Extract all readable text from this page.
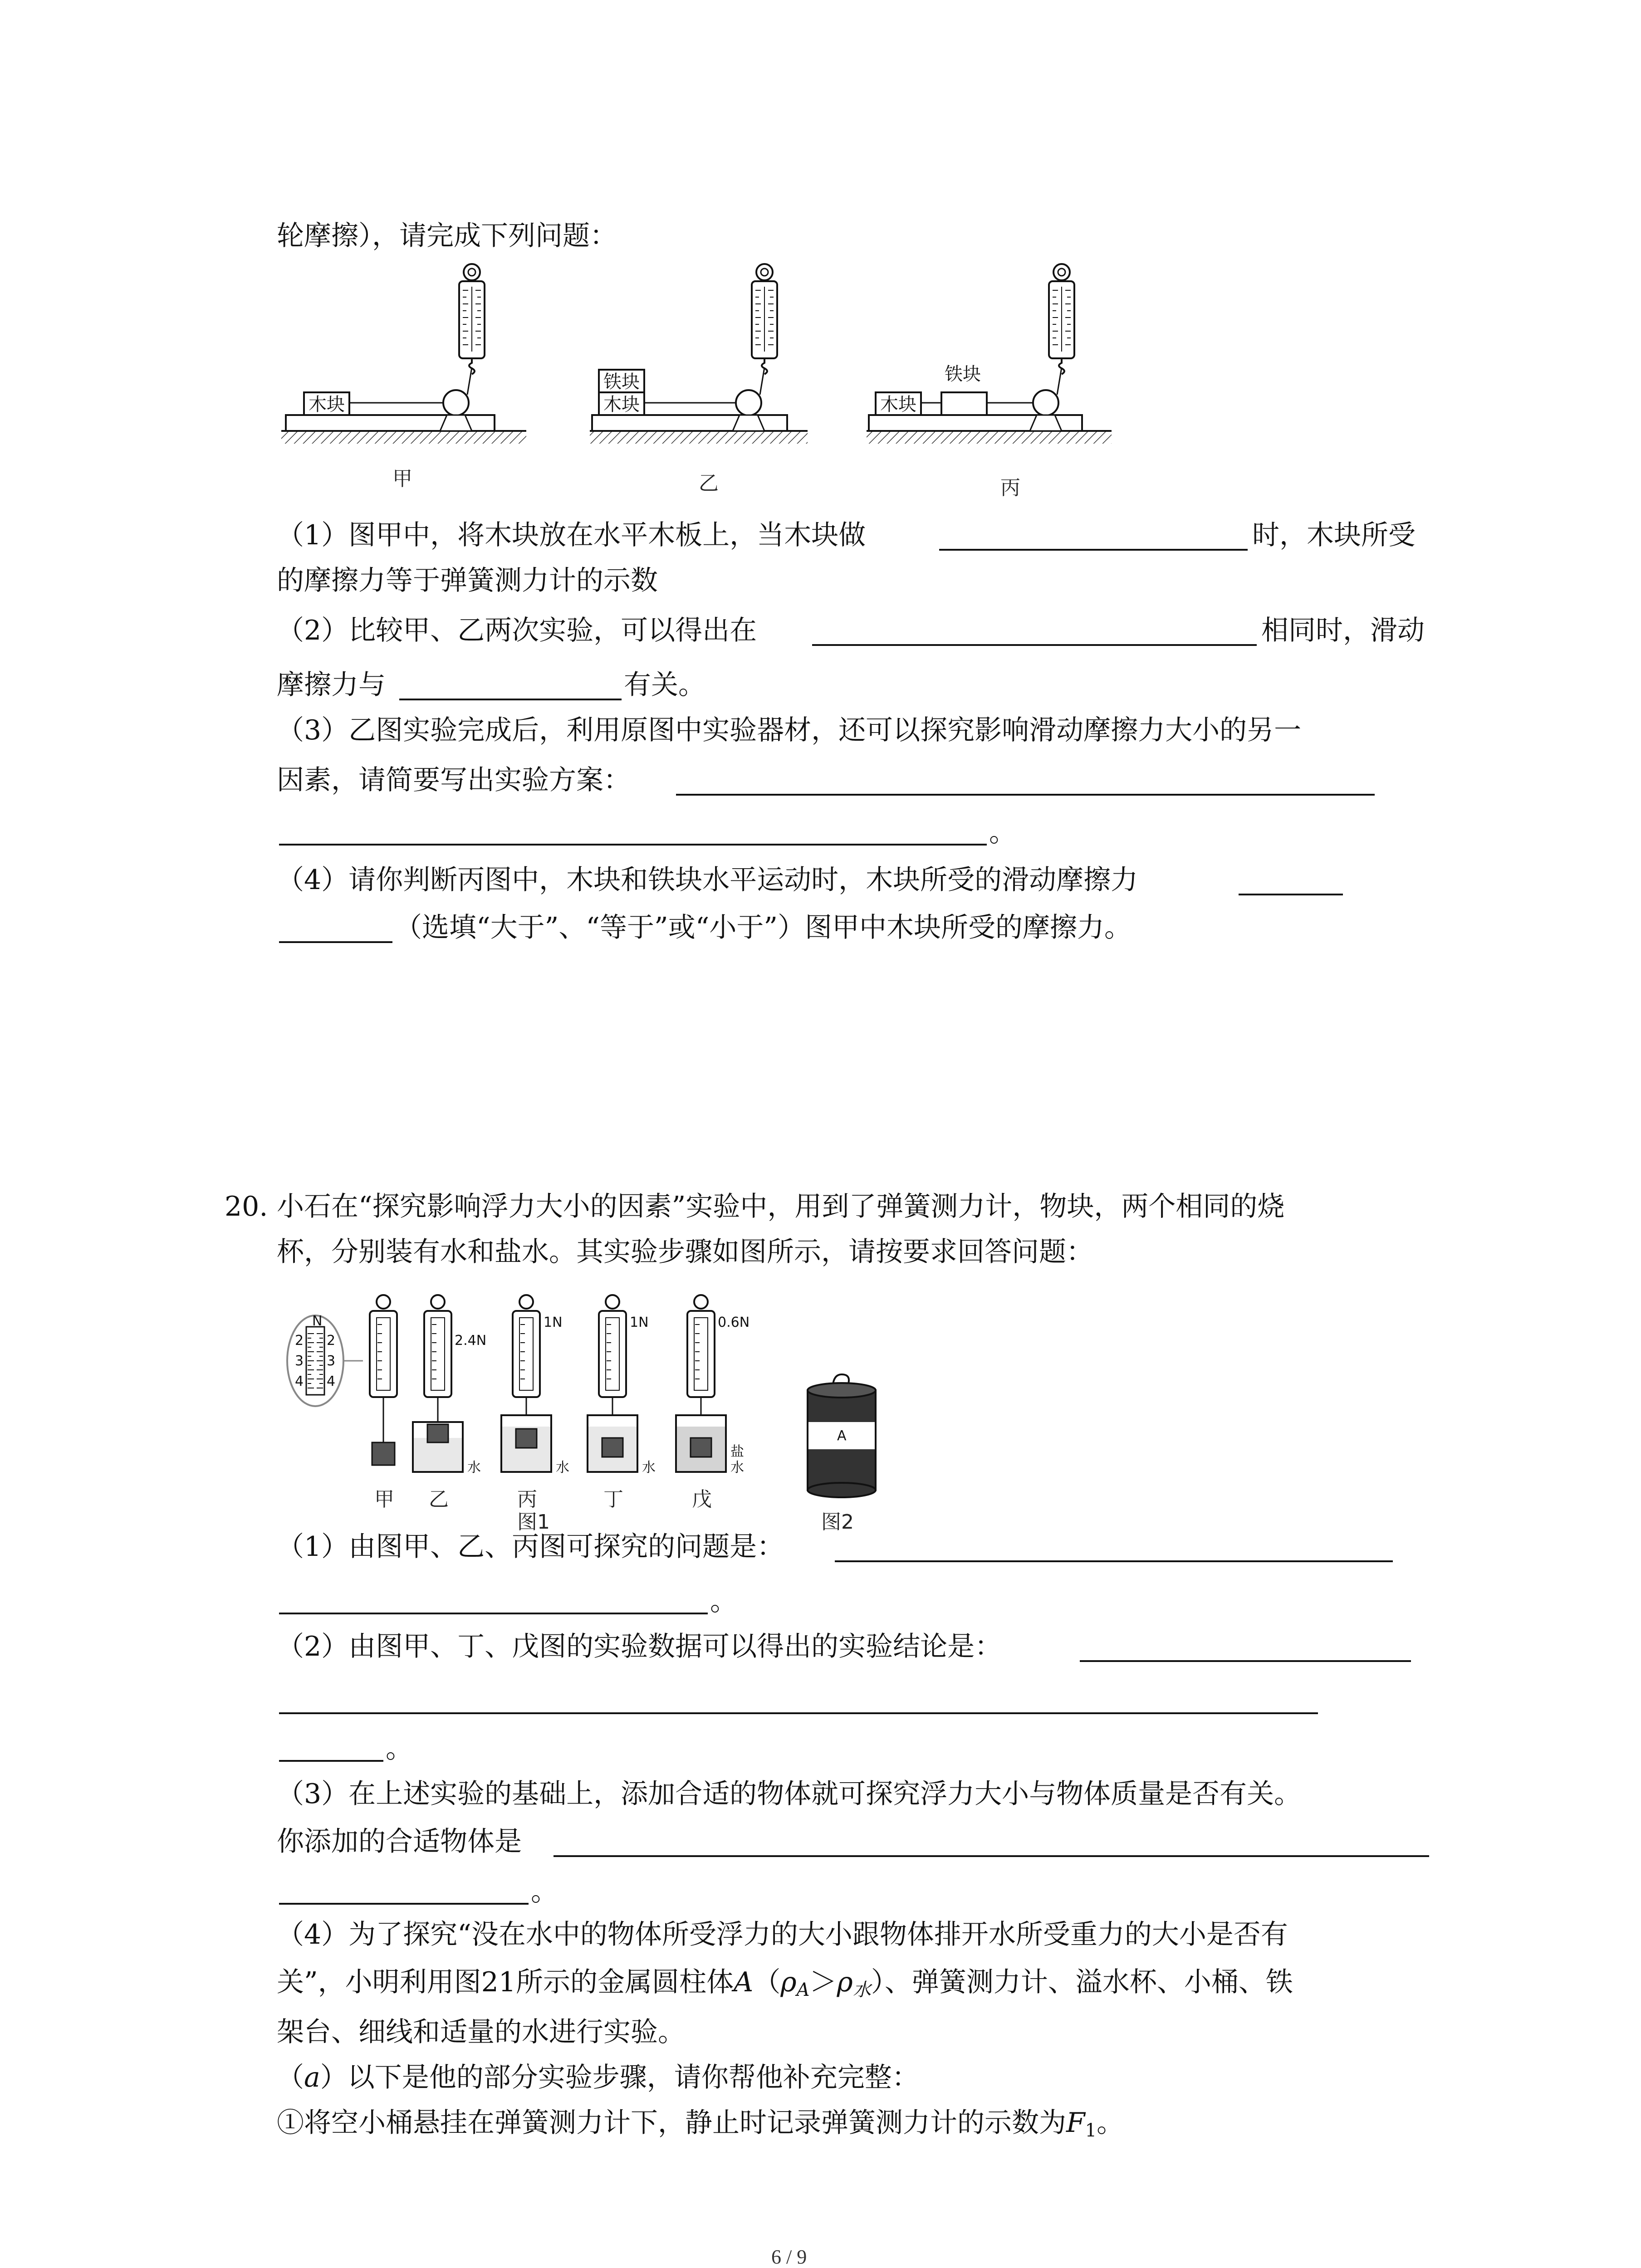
轮摩擦），请完成下列问题：
木块
甲
木块
铁块
乙
木块
铁块
丙
（1）图甲中，将木块放在水平木板上，当木块做	时，木块所受
的摩擦力等于弹簧测力计的示数
（2）比较甲、乙两次实验，可以得出在	相同时，滑动
摩擦力与	有关。
（3）乙图实验完成后，利用原图中实验器材，还可以探究影响滑动摩擦力大小的另一
因素，请简要写出实验方案：
。
（4）请你判断丙图中，木块和铁块水平运动时，木块所受的滑动摩擦力
（选填“大于”、“等于”或“小于”）图甲中木块所受的摩擦力。
20. 小石在“探究影响浮力大小的因素”实验中，用到了弹簧测力计，物块，两个相同的烧
杯，分别装有水和盐水。其实验步骤如图所示，请按要求回答问题：
N
2
3
4
2
3
4
甲
2.4N
水
乙
1N
水
丙
1N
水
丁
0.6N
盐
水
戊
图1
A
图2
（1）由图甲、乙、丙图可探究的问题是：
。
（2）由图甲、丁、戊图的实验数据可以得出的实验结论是：
。
（3）在上述实验的基础上，添加合适的物体就可探究浮力大小与物体质量是否有关。
你添加的合适物体是
。
（4）为了探究“没在水中的物体所受浮力的大小跟物体排开水所受重力的大小是否有
关”，小明利用图21所示的金属圆柱体$A(\rho_A>\rho_水)$、弹簧测力计、溢水杯、小桶、铁
架台、细线和适量的水进行实验。
（a）以下是他的部分实验步骤，请你帮他补充完整：
①将空小桶悬挂在弹簧测力计下，静止时记录弹簧测力计的示数为$F_1$。
6 / 9
